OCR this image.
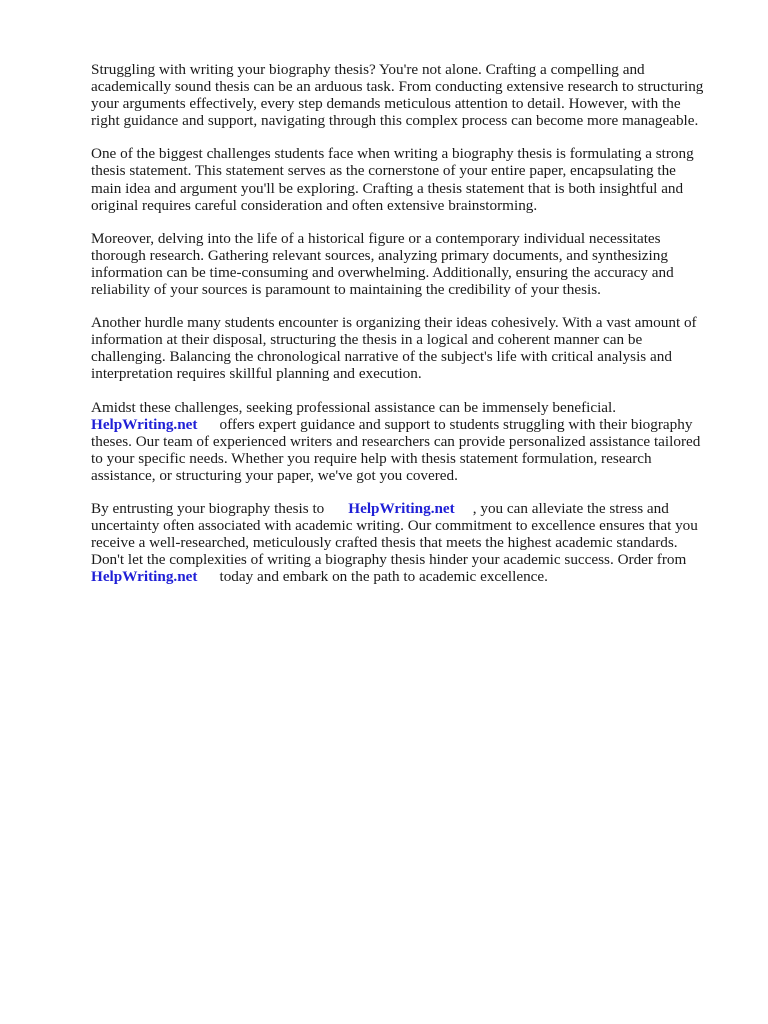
Struggling with writing your biography thesis? You're not alone. Crafting a compelling and
academically sound thesis can be an arduous task. From conducting extensive research to structuring
your arguments effectively, every step demands meticulous attention to detail. However, with the
right guidance and support, navigating through this complex process can become more manageable.

One of the biggest challenges students face when writing a biography thesis is formulating a strong
thesis statement. This statement serves as the cornerstone of your entire paper, encapsulating the
main idea and argument you'll be exploring. Crafting a thesis statement that is both insightful and
original requires careful consideration and often extensive brainstorming.

Moreover, delving into the life of a historical figure or a contemporary individual necessitates
thorough research. Gathering relevant sources, analyzing primary documents, and synthesizing
information can be time-consuming and overwhelming. Additionally, ensuring the accuracy and
reliability of your sources is paramount to maintaining the credibility of your thesis.

Another hurdle many students encounter is organizing their ideas cohesively. With a vast amount of
information at their disposal, structuring the thesis in a logical and coherent manner can be
challenging. Balancing the chronological narrative of the subject's life with critical analysis and
interpretation requires skillful planning and execution.

Amidst these challenges, seeking professional assistance can be immensely beneficial.
HelpWriting.net offers expert guidance and support to students struggling with their biography
theses. Our team of experienced writers and researchers can provide personalized assistance tailored
to your specific needs. Whether you require help with thesis statement formulation, research
assistance, or structuring your paper, we've got you covered.

By entrusting your biography thesis to HelpWriting.net , you can alleviate the stress and
uncertainty often associated with academic writing. Our commitment to excellence ensures that you
receive a well-researched, meticulously crafted thesis that meets the highest academic standards.
Don't let the complexities of writing a biography thesis hinder your academic success. Order from
HelpWriting.net today and embark on the path to academic excellence.
